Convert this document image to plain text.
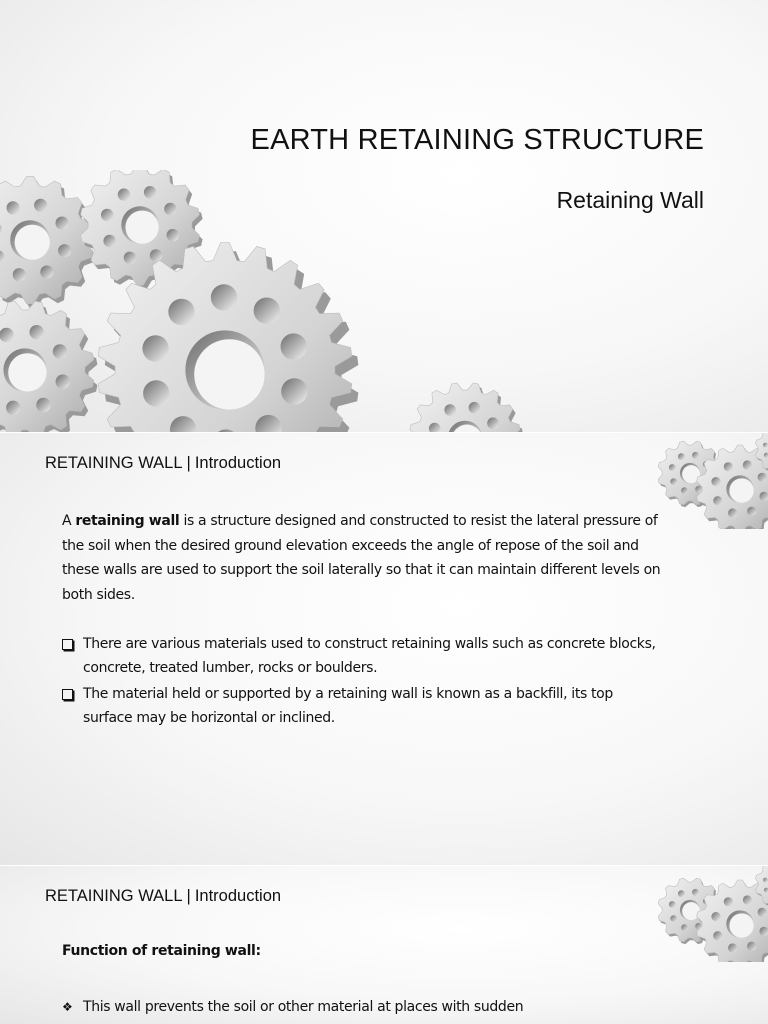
EARTH RETAINING STRUCTURE
Retaining Wall
RETAINING WALL | Introduction
A retaining wall is a structure designed and constructed to resist the lateral pressure of the soil when the desired ground elevation exceeds the angle of repose of the soil and these walls are used to support the soil laterally so that it can maintain different levels on both sides.
There are various materials used to construct retaining walls such as concrete blocks, concrete, treated lumber, rocks or boulders.
The material held or supported by a retaining wall is known as a backfill, its top surface may be horizontal or inclined.
RETAINING WALL | Introduction
Function of retaining wall:
❖ This wall prevents the soil or other material at places with sudden
